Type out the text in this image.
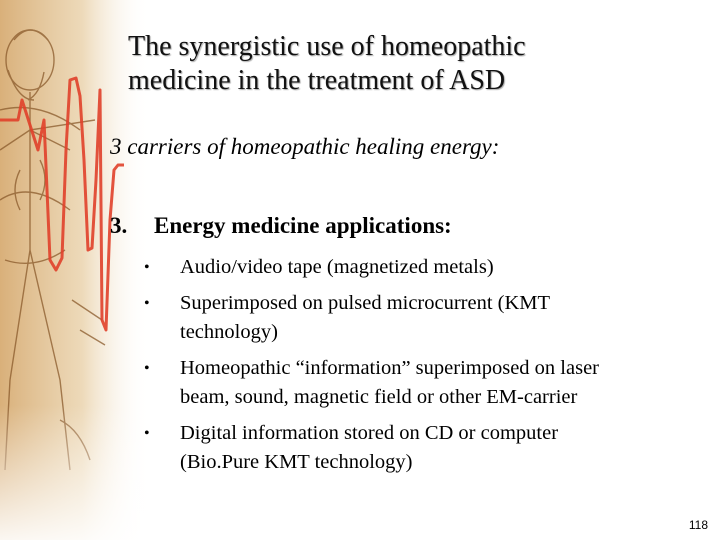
The synergistic use of homeopathic
medicine in the treatment of ASD

3 carriers of homeopathic healing energy:

3. Energy medicine applications:

• Audio/video tape (magnetized metals)
• Superimposed on pulsed microcurrent (KMT
technology)
• Homeopathic “information” superimposed on laser
beam, sound, magnetic field or other EM-carrier
• Digital information stored on CD or computer
(Bio.Pure KMT technology)
118
